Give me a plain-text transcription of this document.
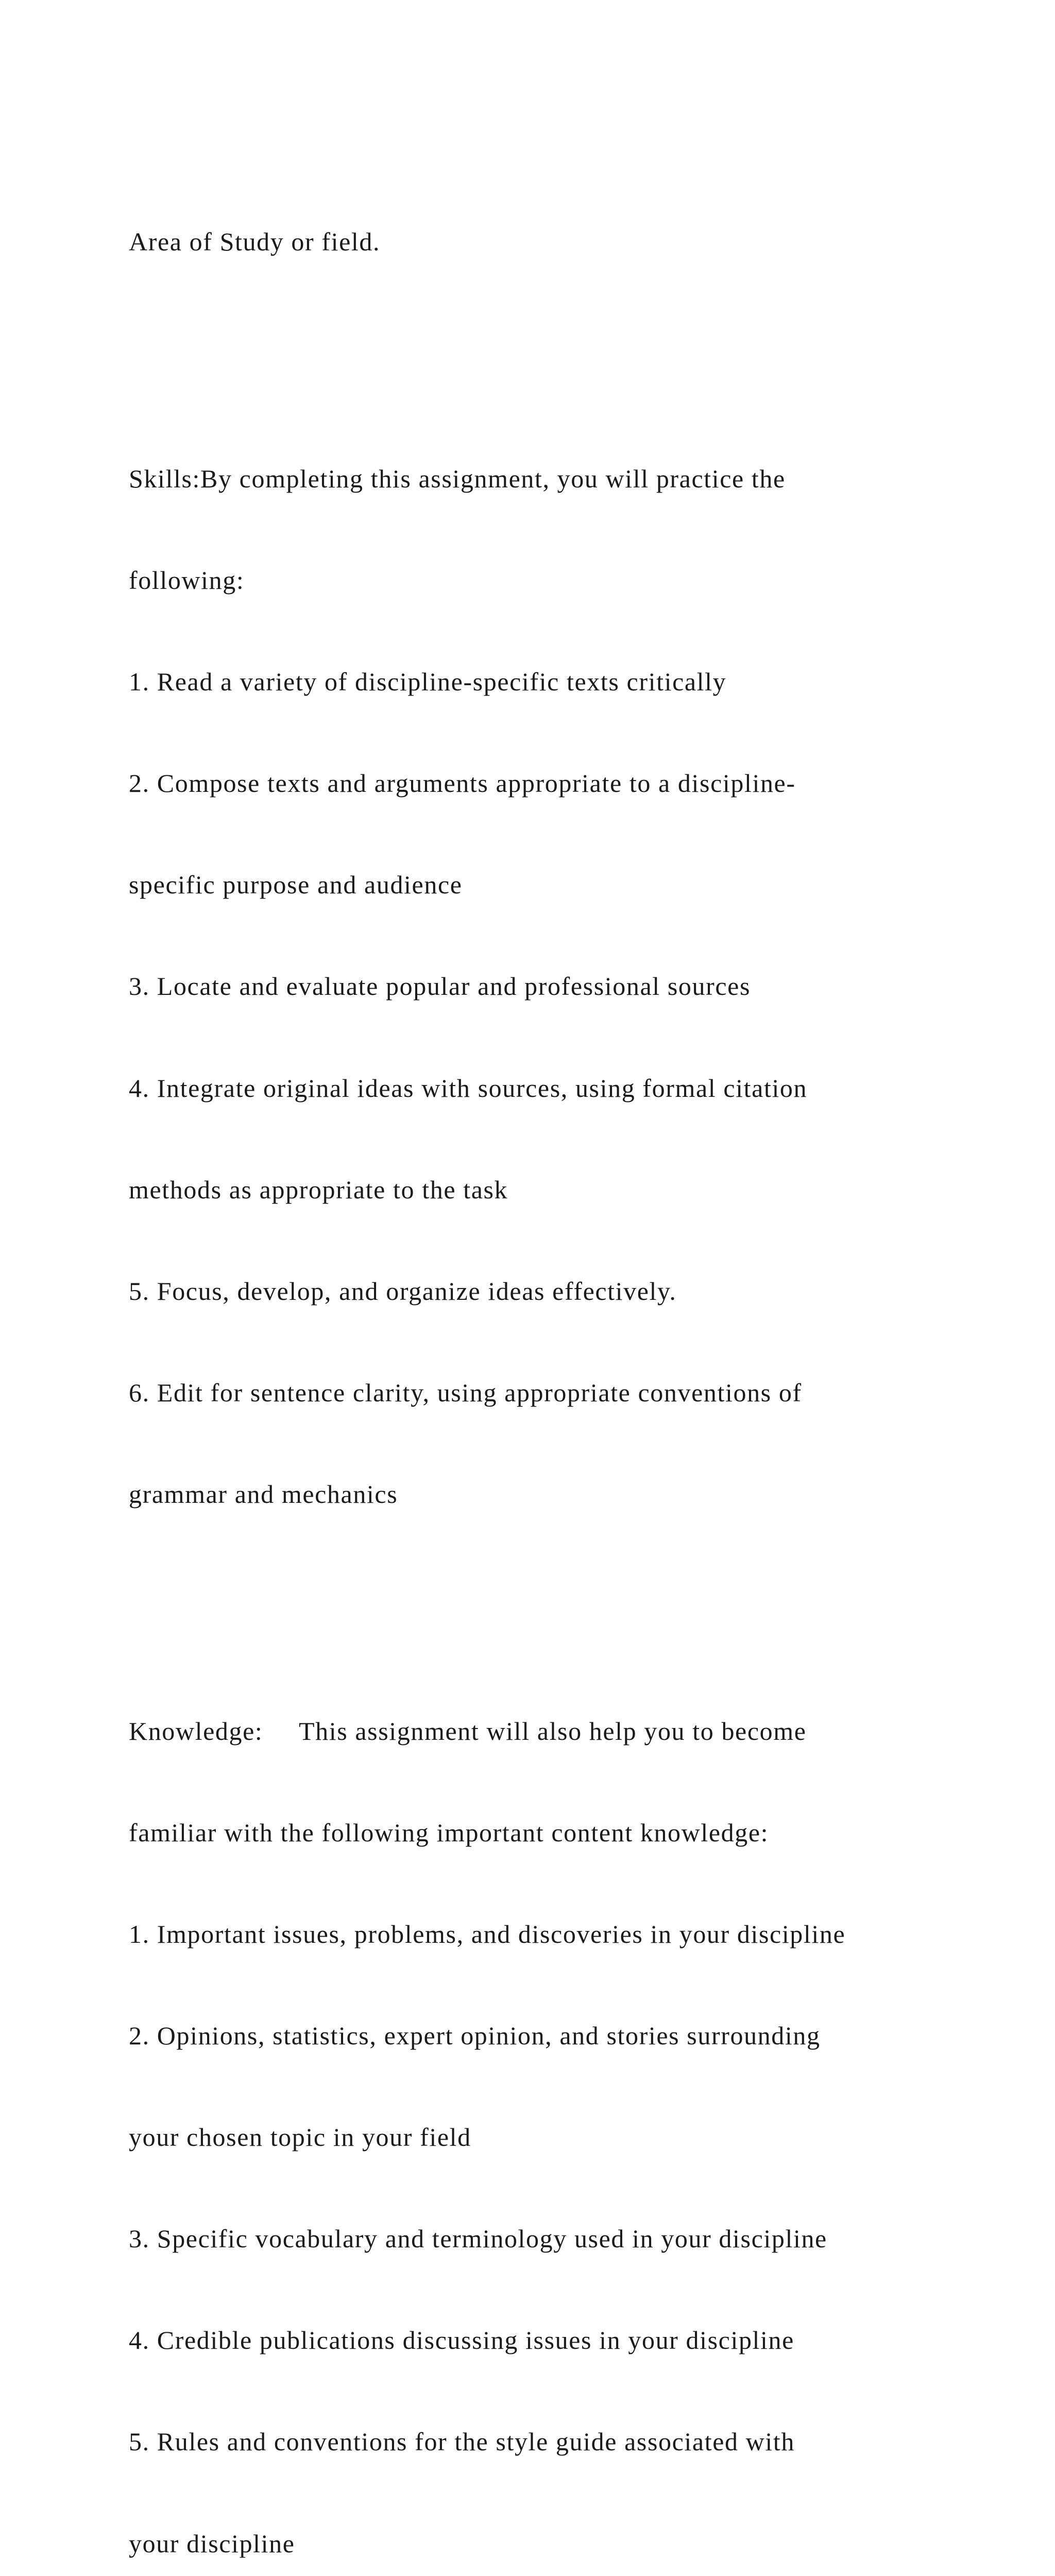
Area of Study or field.

Skills:By completing this assignment, you will practice the

following:

1. Read a variety of discipline-specific texts critically

2. Compose texts and arguments appropriate to a discipline-

specific purpose and audience

3. Locate and evaluate popular and professional sources

4. Integrate original ideas with sources, using formal citation

methods as appropriate to the task

5. Focus, develop, and organize ideas effectively.

6. Edit for sentence clarity, using appropriate conventions of

grammar and mechanics

Knowledge:     This assignment will also help you to become

familiar with the following important content knowledge:

1. Important issues, problems, and discoveries in your discipline

2. Opinions, statistics, expert opinion, and stories surrounding

your chosen topic in your field

3. Specific vocabulary and terminology used in your discipline

4. Credible publications discussing issues in your discipline

5. Rules and conventions for the style guide associated with

your discipline
